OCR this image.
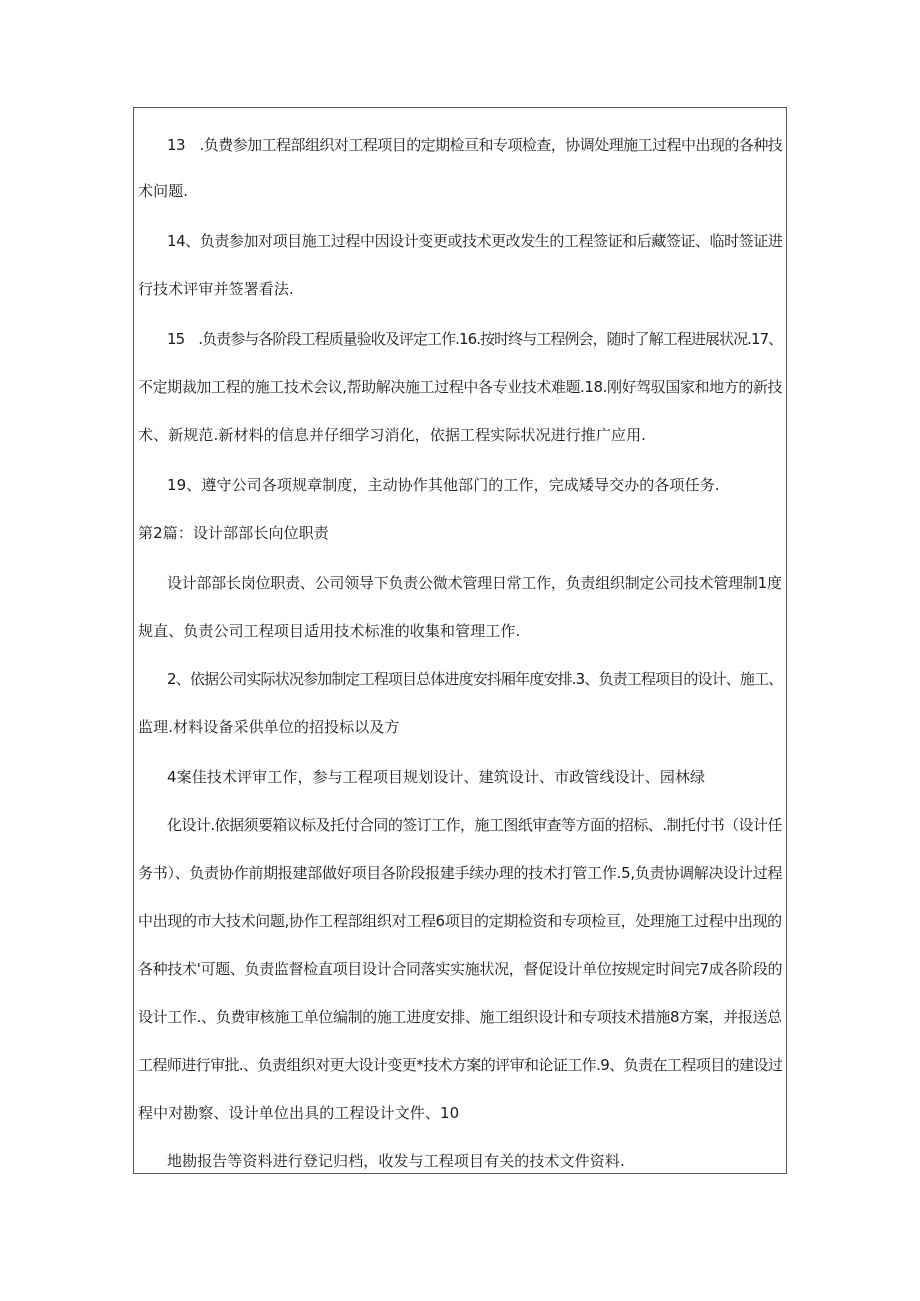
13　.负费参加工程部组织对工程项目的定期检亘和专项检查，协调处理施工过程中出现的各种技
术问题.
14、负责参加对项目施工过程中因设计变更或技术更改发生的工程签证和后藏签证、临时签证进
行技术评审并签署看法.
15　.负责参与各阶段工程质量验收及评定工作.16.按时终与工程例会，随时了解工程进展状况.17、
不定期裁加工程的施工技术会议,帮助解决施工过程中各专业技术难题.18.刚好驾驭国家和地方的新技
术、新规范.新材料的信息并仔细学习消化，依据工程实际状况进行推广应用.
19、遵守公司各项规章制度，主动协作其他部门的工作，完成矮导交办的各项任务.
第2篇：设计部部长向位职责
设计部部长岗位职责、公司领导下负责公微术管理日常工作，负责组织制定公司技术管理制1度
规直、负责公司工程项目适用技术标准的收集和管理工作.
2、依据公司实际状况参加制定工程项目总体进度安抖厢年度安排.3、负责工程项目的设计、施工、
监理.材料设备采供单位的招投标以及方
4案佳技术评审工作，参与工程项目规划设计、建筑设计、市政管线设计、园林绿
化设计.依据须要箱议标及托付合同的签订工作，施工图纸审查等方面的招标、.制托付书（设计任
务书）、负责协作前期报建部做好项目各阶段报建手续办理的技术打管工作.5,负责协调解决设计过程
中出现的市大技术问题,协作工程部组织对工程6项目的定期检资和专项检亘，处理施工过程中出现的
各种技术'可题、负责监督检直项目设计合同落实实施状况，督促设计单位按规定时间完7成各阶段的
设计工作.、负费审核施工单位编制的施工进度安排、施工组织设计和专项技术措施8方案，并报送总
工程师进行审批.、负责组织对更大设计变更*技术方案的评审和论证工作.9、负责在工程项目的建设过
程中对勘察、设计单位出具的工程设计文件、10
地勘报告等资料进行登记归档，收发与工程项目有关的技术文件资料.
